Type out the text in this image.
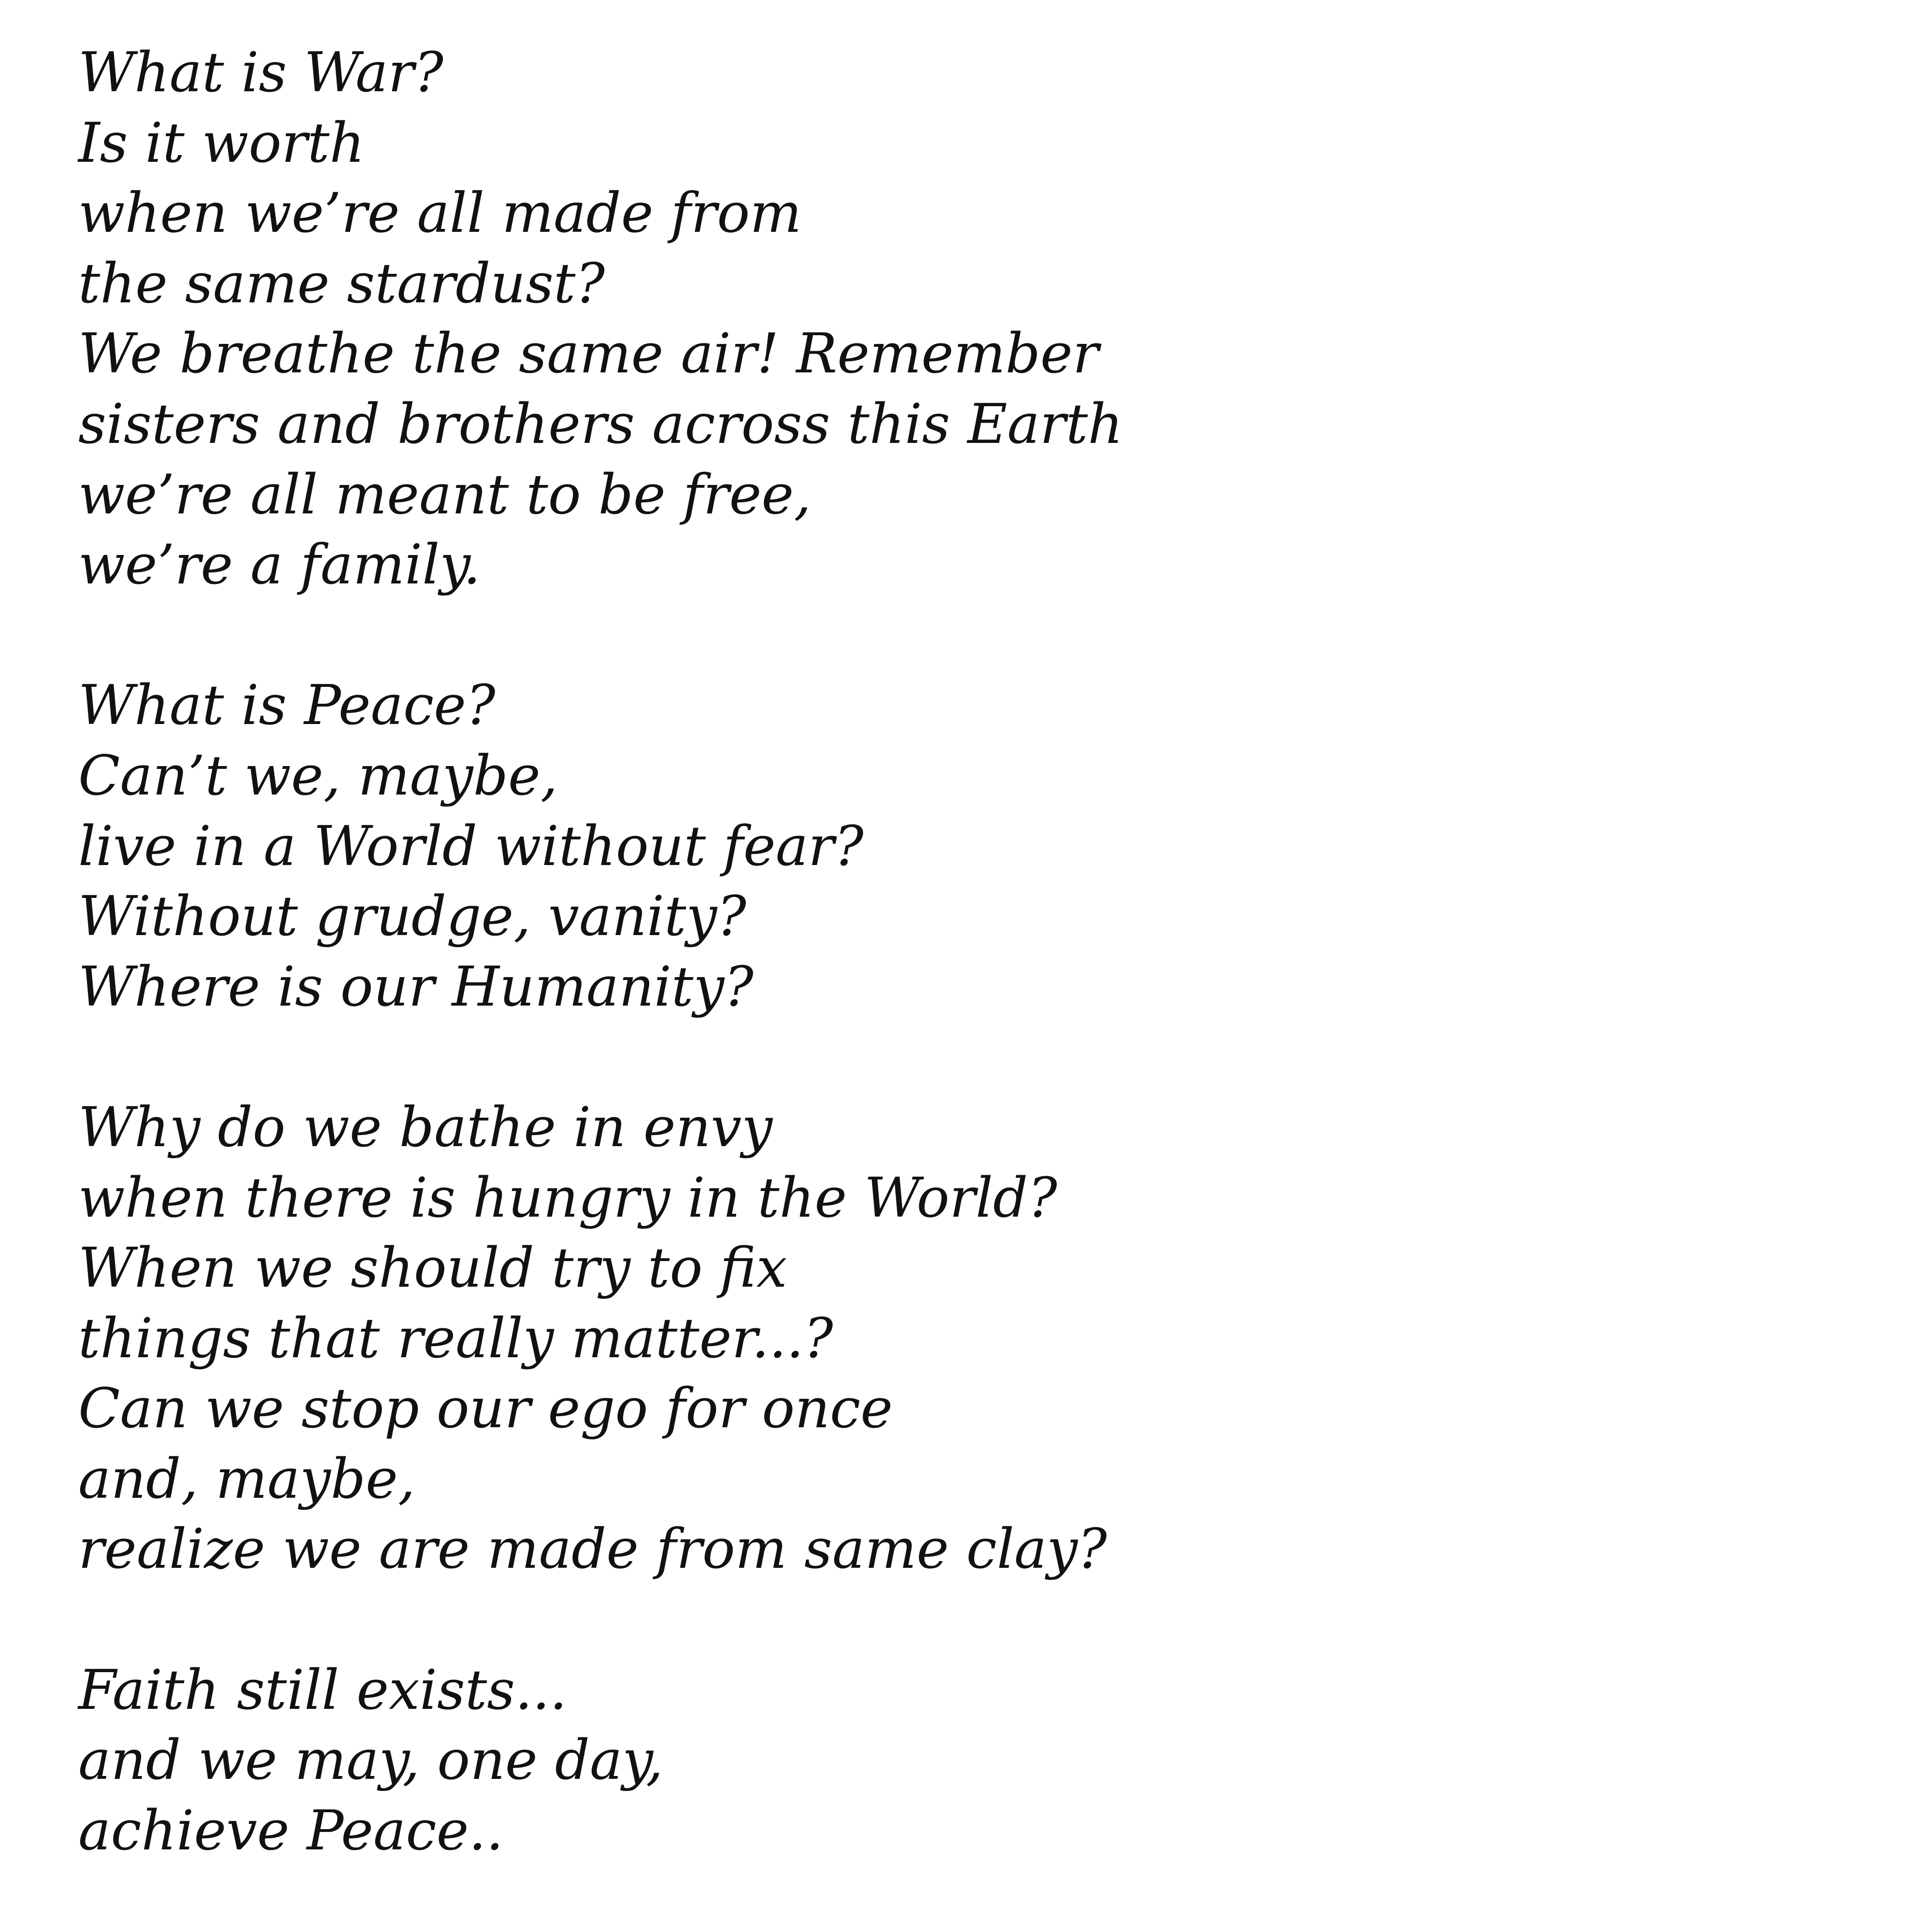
What is War?
Is it worth
when we’re all made from
the same stardust?
We breathe the same air! Remember
sisters and brothers across this Earth
we’re all meant to be free,
we’re a family.
What is Peace?
Can’t we, maybe,
live in a World without fear?
Without grudge, vanity?
Where is our Humanity?
Why do we bathe in envy
when there is hungry in the World?
When we should try to fix
things that really matter...?
Can we stop our ego for once
and, maybe,
realize we are made from same clay?
Faith still exists...
and we may, one day,
achieve Peace..
